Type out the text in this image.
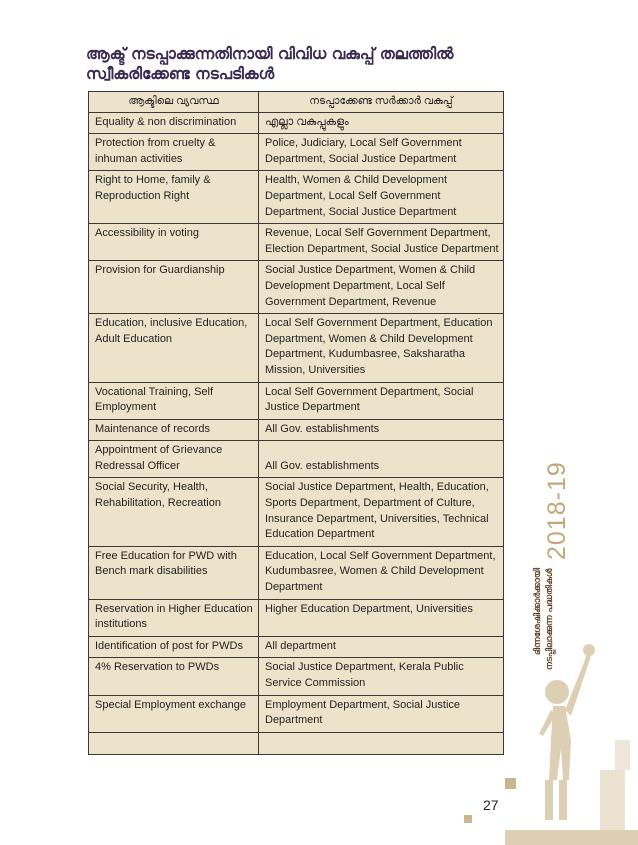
ആക്ട് നടപ്പാക്കുന്നതിനായി വിവിധ വകുപ്പ് തലത്തിൽ
സ്വീകരിക്കേണ്ട നടപടികൾ
ആക്ടിലെ വ്യവസ്ഥ	നടപ്പാക്കേണ്ട സർക്കാർ വകുപ്പ്
Equality & non discrimination	എല്ലാ വകുപ്പുകളും
Protection from cruelty & inhuman activities	Police, Judiciary, Local Self Government Department, Social Justice Department
Right to Home, family & Reproduction Right	Health, Women & Child Development Department, Local Self Government Department, Social Justice Department
Accessibility in voting	Revenue, Local Self Government Department, Election Department, Social Justice Department
Provision for Guardianship	Social Justice Department, Women & Child Development Department, Local Self Government Department, Revenue
Education, inclusive Education, Adult Education	Local Self Government Department, Education Department, Women & Child Development Department, Kudumbasree, Saksharatha Mission, Universities
Vocational Training, Self Employment	Local Self Government Department, Social Justice Department
Maintenance of records	All Gov. establishments
Appointment of Grievance Redressal Officer	All Gov. establishments
Social Security, Health, Rehabilitation, Recreation	Social Justice Department, Health, Education, Sports Department, Department of Culture, Insurance Department, Universities, Technical Education Department
Free Education for PWD with Bench mark disabilities	Education, Local Self Government Department, Kudumbasree, Women & Child Development Department
Reservation in Higher Education institutions	Higher Education Department, Universities
Identification of post for PWDs	All department
4% Reservation to PWDs	Social Justice Department, Kerala Public Service Commission
Special Employment exchange	Employment Department, Social Justice Department

2018-19
ഭിന്നശേഷിക്കാർക്കായി നടപ്പിലാക്കുന്ന പദ്ധതികൾ
27
